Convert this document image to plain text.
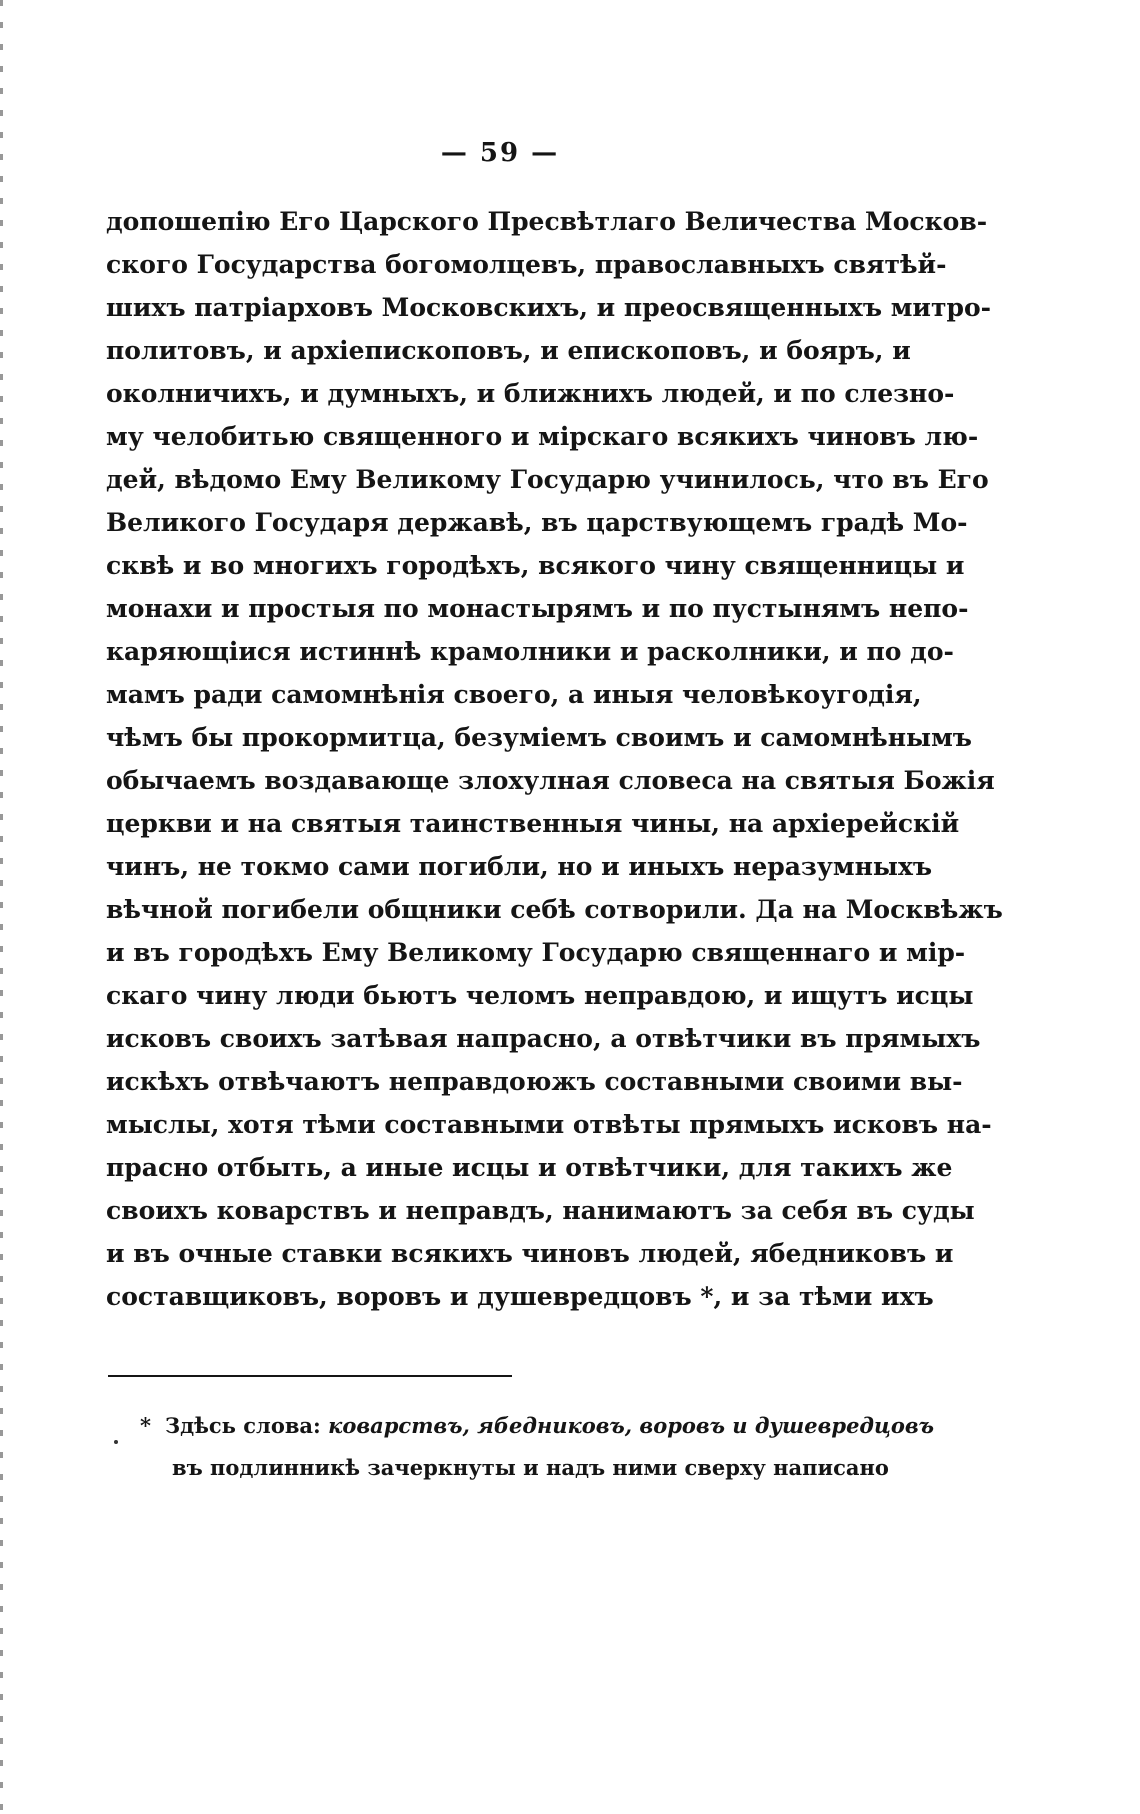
— 59 —
допошепію Его Царского Пресвѣтлаго Величества Москов-
ского Государства богомолцевъ, православныхъ святѣй-
шихъ патріарховъ Московскихъ, и преосвященныхъ митро-
политовъ, и архіепископовъ, и епископовъ, и бояръ, и
околничихъ, и думныхъ, и ближнихъ людей, и по слезно-
му челобитью священного и мірскаго всякихъ чиновъ лю-
дей, вѣдомо Ему Великому Государю учинилось, что въ Его
Великого Государя державѣ, въ царствующемъ градѣ Мо-
сквѣ и во многихъ городѣхъ, всякого чину священницы и
монахи и простыя по монастырямъ и по пустынямъ непо-
каряющіися истиннѣ крамолники и расколники, и по до-
мамъ ради самомнѣнія своего, а иныя человѣкоугодія,
чѣмъ бы прокормитца, безуміемъ своимъ и самомнѣнымъ
обычаемъ воздавающе злохулная словеса на святыя Божія
церкви и на святыя таинственныя чины, на архіерейскій
чинъ, не токмо сами погибли, но и иныхъ неразумныхъ
вѣчной погибели общники себѣ сотворили. Да на Москвѣжъ
и въ городѣхъ Ему Великому Государю священнаго и мір-
скаго чину люди бьютъ челомъ неправдою, и ищутъ исцы
исковъ своихъ затѣвая напрасно, а отвѣтчики въ прямыхъ
искѣхъ отвѣчаютъ неправдоюжъ составными своими вы-
мыслы, хотя тѣми составными отвѣты прямыхъ исковъ на-
прасно отбыть, а иные исцы и отвѣтчики, для такихъ же
своихъ коварствъ и неправдъ, нанимаютъ за себя въ суды
и въ очные ставки всякихъ чиновъ людей, ябедниковъ и
составщиковъ, воровъ и душевредцовъ *, и за тѣми ихъ
* Здѣсь слова: коварствъ, ябедниковъ, воровъ и душевредцовъ
въ подлинникѣ зачеркнуты и надъ ними сверху написано
